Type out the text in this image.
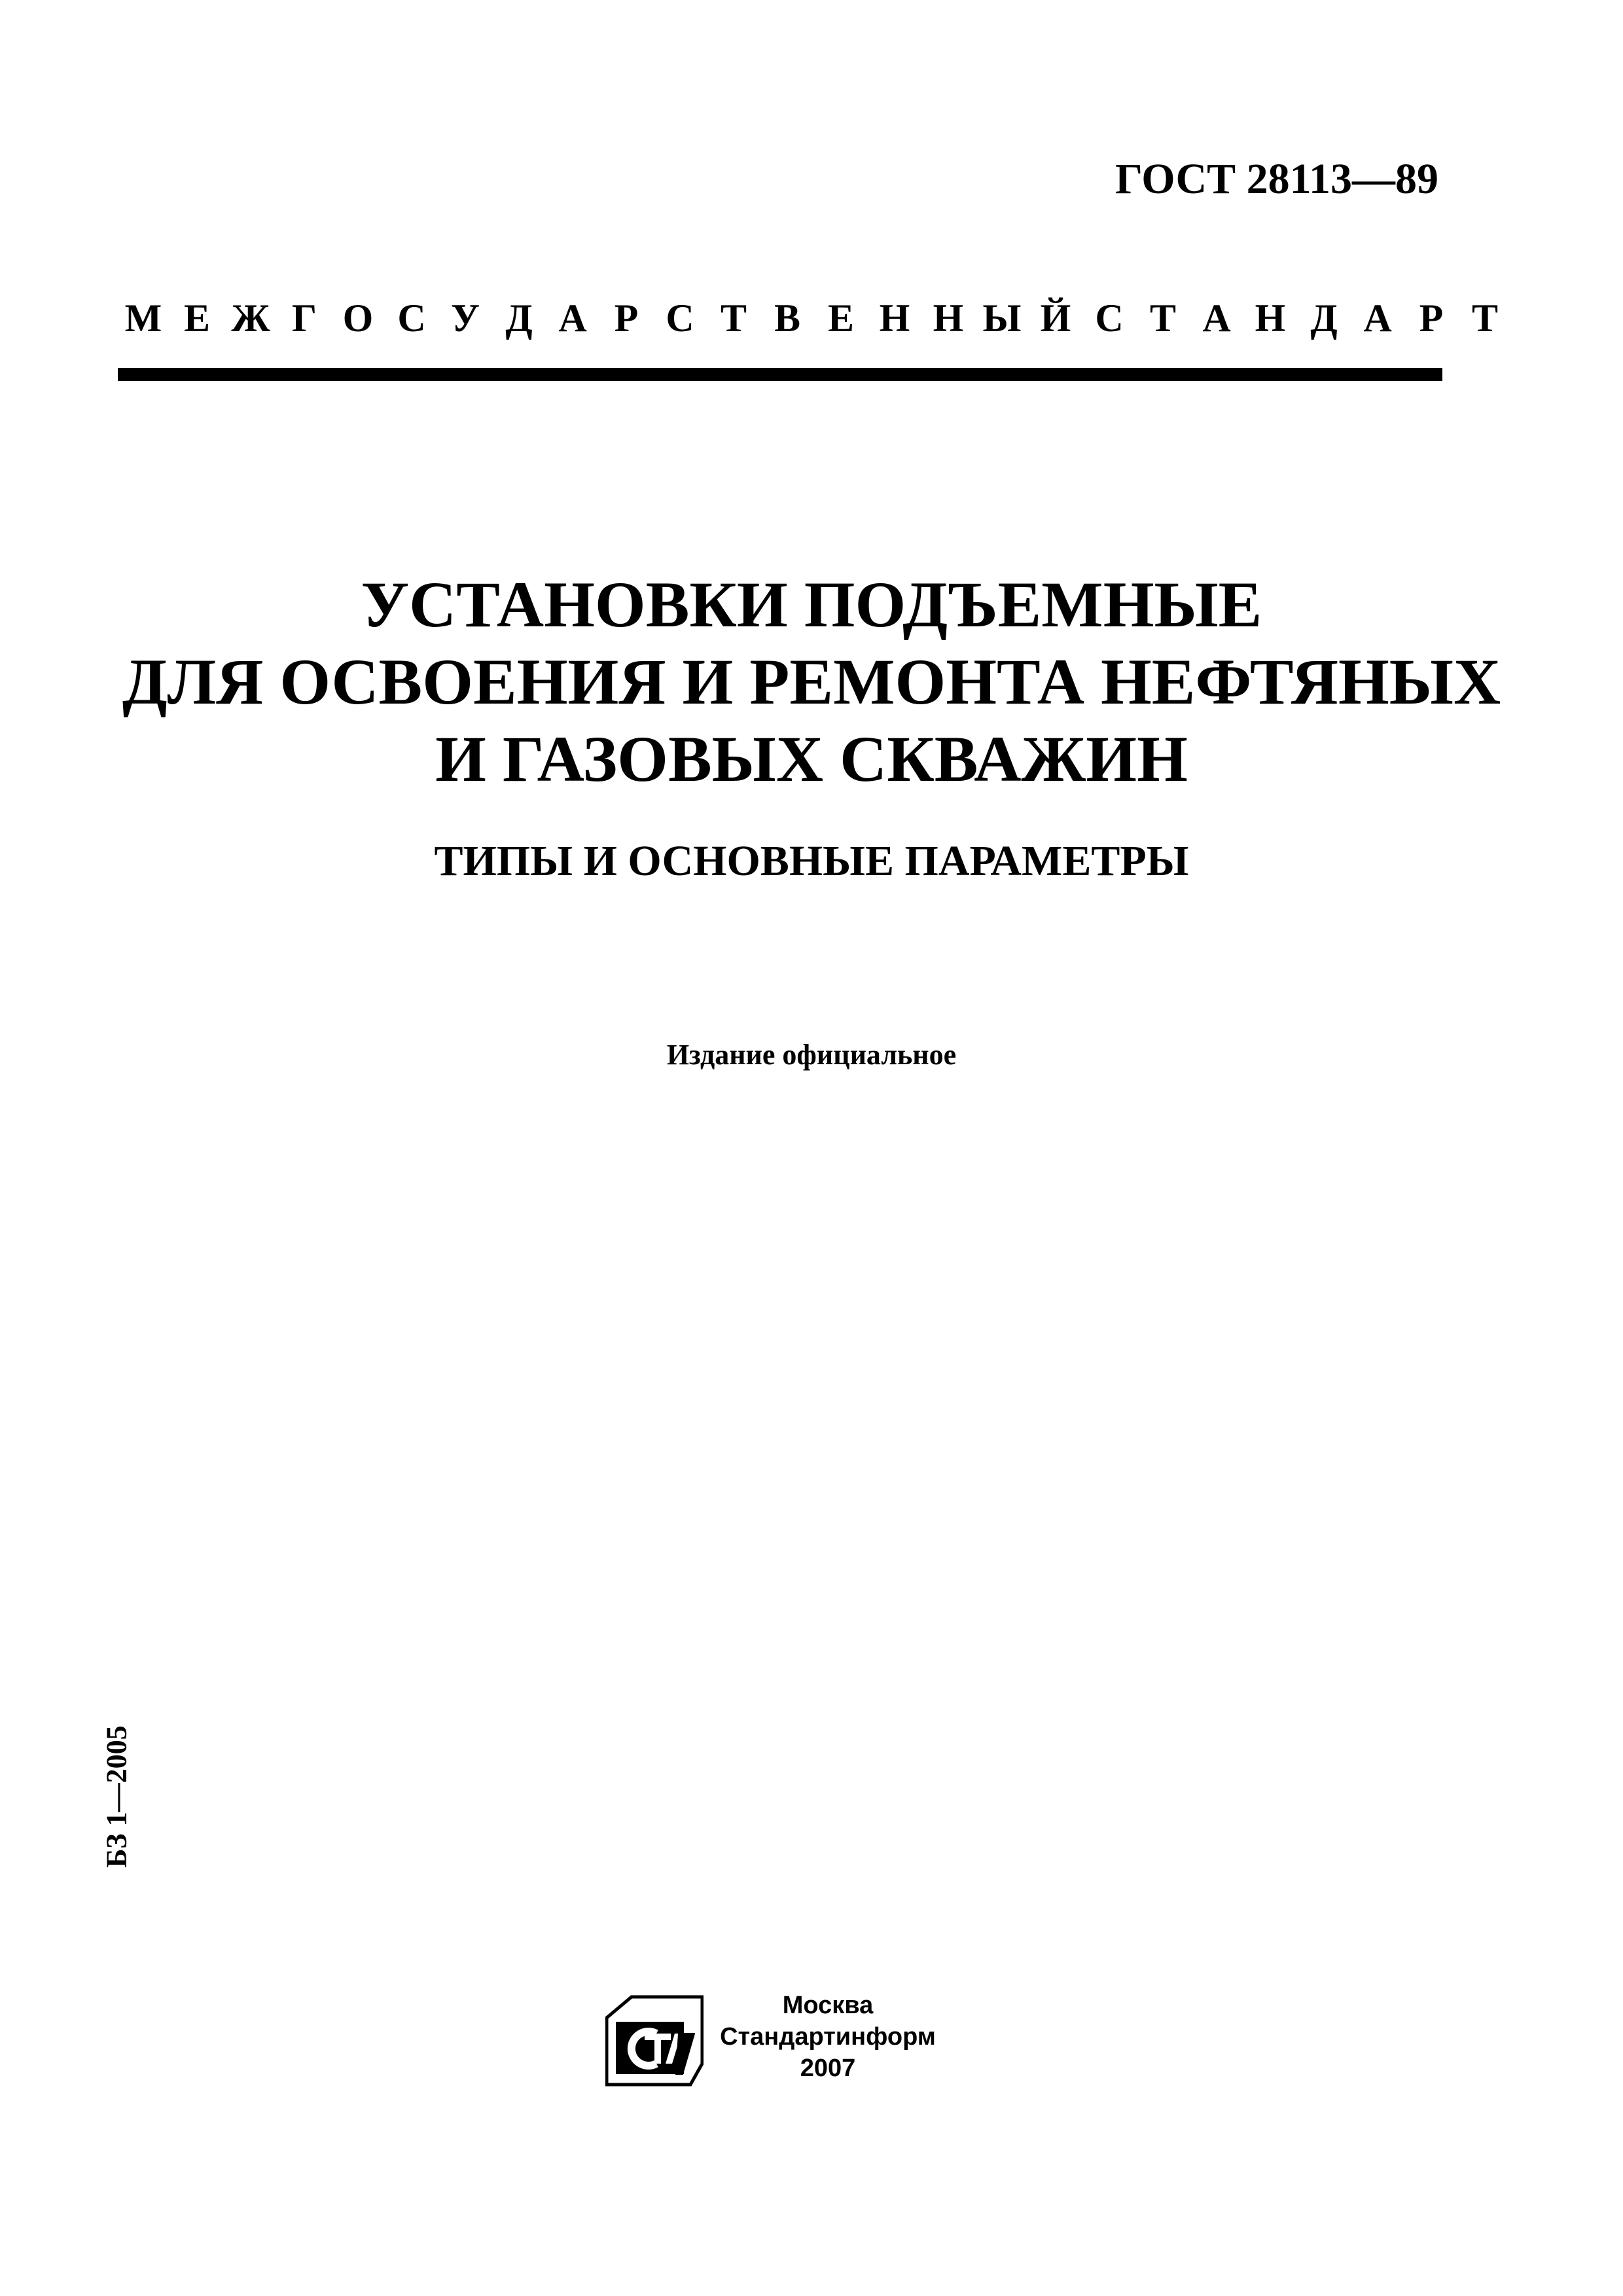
ГОСТ 28113—89
М Е Ж Г О С У Д А Р С Т В Е Н Н Ы Й С Т А Н Д А Р Т
УСТАНОВКИ ПОДЪЕМНЫЕ
ДЛЯ ОСВОЕНИЯ И РЕМОНТА НЕФТЯНЫХ
И ГАЗОВЫХ СКВАЖИН
ТИПЫ И ОСНОВНЫЕ ПАРАМЕТРЫ
Издание официальное
БЗ 1—2005
Москва
Стандартинформ
2007
